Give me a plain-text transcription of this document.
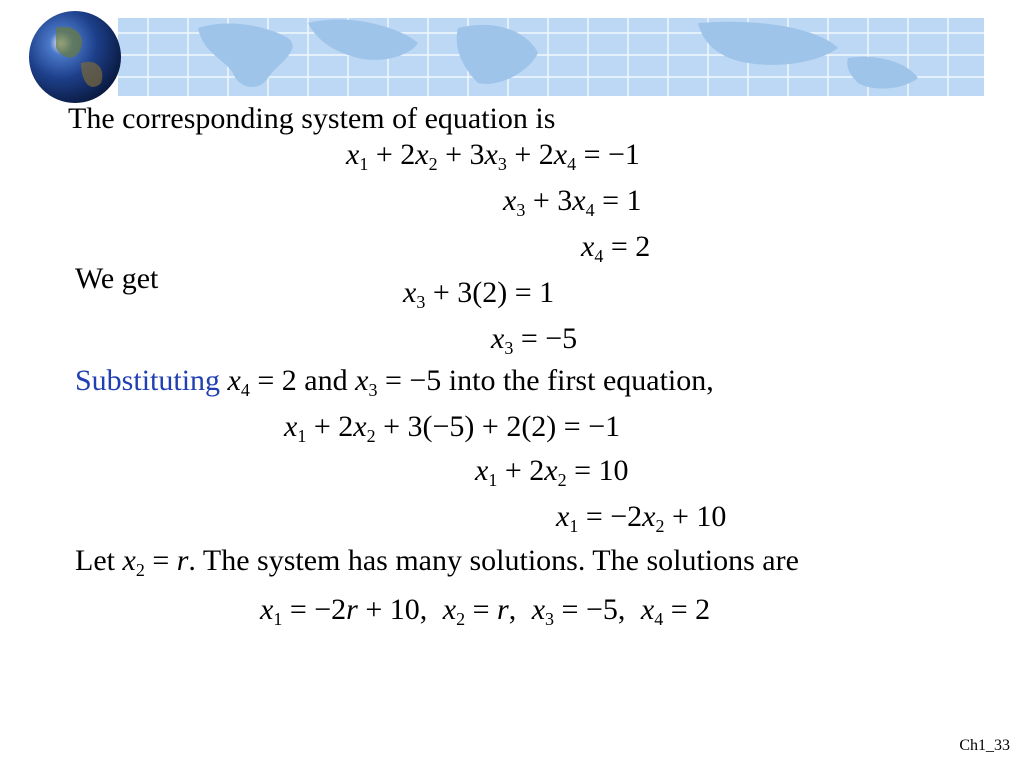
The corresponding system of equation is
$x_1 + 2x_2 + 3x_3 + 2x_4 = -1$
$x_3 + 3x_4 = 1$
$x_4 = 2$
We get	$x_3 + 3(2) = 1$
$x_3 = -5$
Substituting $x_4 = 2$ and $x_3 = -5$ into the first equation,
$x_1 + 2x_2 + 3(-5) + 2(2) = -1$
$x_1 + 2x_2 = 10$
$x_1 = -2x_2 + 10$
Let $x_2 = r$. The system has many solutions. The solutions are
$x_1 = -2r + 10$, $x_2 = r$, $x_3 = -5$, $x_4 = 2$
Ch1_33
